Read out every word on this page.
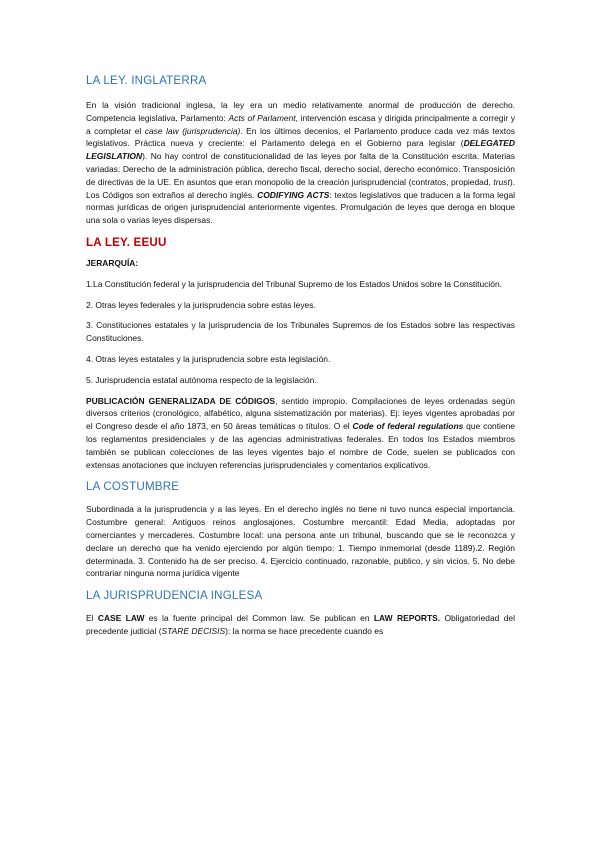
LA LEY. INGLATERRA

En la visión tradicional inglesa, la ley era un medio relativamente anormal de producción de derecho. Competencia legislativa, Parlamento: Acts of Parlament, intervención escasa y dirigida principalmente a corregir y a completar el case law (jurisprudencia). En los últimos decenios, el Parlamento produce cada vez más textos legislativos. Práctica nueva y creciente: el Parlamento delega en el Gobierno para legislar (DELEGATED LEGISLATION). No hay control de constitucionalidad de las leyes por falta de la Constitución escrita. Materias variadas: Derecho de la administración pública, derecho fiscal, derecho social, derecho económico. Transposición de directivas de la UE. En asuntos que eran monopolio de la creación jurisprudencial (contratos, propiedad, trust). Los Códigos son extraños al derecho inglés. CODIFYING ACTS: textos legislativos que traducen a la forma legal normas jurídicas de origen jurisprudencial anteriormente vigentes. Promulgación de leyes que deroga en bloque una sola o varias leyes dispersas.

LA LEY. EEUU

JERARQUÍA:

1.La Constitución federal y la jurisprudencia del Tribunal Supremo de los Estados Unidos sobre la Constitución.

2. Otras leyes federales y la jurisprudencia sobre estas leyes.

3. Constituciones estatales y la jurisprudencia de los Tribunales Supremos de los Estados sobre las respectivas Constituciones.

4. Otras leyes estatales y la jurisprudencia sobre esta legislación.

5. Jurisprudencia estatal autónoma respecto de la legislación.

PUBLICACIÓN GENERALIZADA DE CÓDIGOS, sentido impropio. Compilaciones de leyes ordenadas según diversos criterios (cronológico, alfabético, alguna sistematización por materias). Ej: leyes vigentes aprobadas por el Congreso desde el año 1873, en 50 áreas temáticas o títulos. O el Code of federal regulations que contiene los reglamentos presidenciales y de las agencias administrativas federales. En todos los Estados miembros también se publican colecciones de las leyes vigentes bajo el nombre de Code, suelen se publicados con extensas anotaciones que incluyen referencias jurisprudenciales y comentarios explicativos.

LA COSTUMBRE

Subordinada a la jurisprudencia y a las leyes. En el derecho inglés no tiene ni tuvo nunca especial importancia. Costumbre general: Antiguos reinos anglosajones. Costumbre mercantil: Edad Media, adoptadas por comerciantes y mercaderes. Costumbre local: una persona ante un tribunal, buscando que se le reconozca y declare un derecho que ha venido ejerciendo por algún tiempo: 1. Tiempo inmemorial (desde 1189).2. Región determinada. 3. Contenido ha de ser preciso. 4. Ejercicio continuado, razonable, publico, y sin vicios. 5. No debe contrariar ninguna norma jurídica vigente

LA JURISPRUDENCIA INGLESA

El CASE LAW es la fuente principal del Common law. Se publican en LAW REPORTS. Obligatoriedad del precedente judicial (STARE DECISIS): la norma se hace precedente cuando es
